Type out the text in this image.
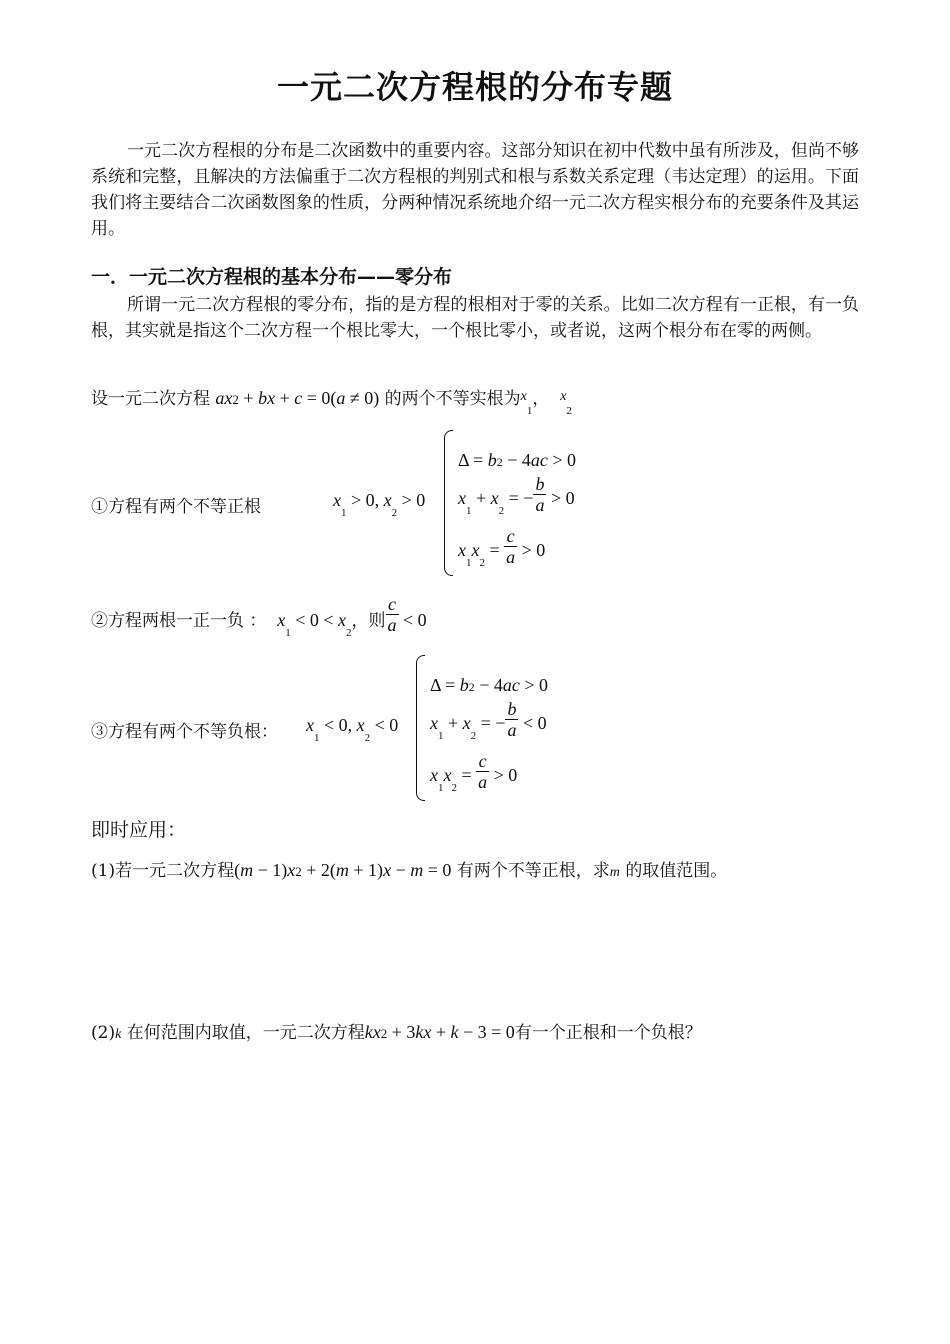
一元二次方程根的分布专题
一元二次方程根的分布是二次函数中的重要内容。这部分知识在初中代数中虽有所涉及，但尚不够系统和完整，且解决的方法偏重于二次方程根的判别式和根与系数关系定理（韦达定理）的运用。下面我们将主要结合二次函数图象的性质，分两种情况系统地介绍一元二次方程实根分布的充要条件及其运用。
一．一元二次方程根的基本分布——零分布
所谓一元二次方程根的零分布，指的是方程的根相对于零的关系。比如二次方程有一正根，有一负根，其实就是指这个二次方程一个根比零大，一个根比零小，或者说，这两个根分布在零的两侧。
设一元二次方程 ax2 + bx + c = 0(a ≠ 0) 的两个不等实根为$^x_1$，  $^x_2$
①方程有两个不等正根	$x_1 > 0$, $x_2 > 0$
Δ = b2 − 4ac > 0
$x_1 + x_2$ = − $\frac{b}{a} > 0$
$x_1x_2 = \frac{c}{a} > 0$
②方程两根一正一负 ： $x_1 < 0 < x_2$，则 $\frac{c}{a} < 0$
③方程有两个不等负根： $x_1 < 0$, $x_2 < 0$
Δ = b2 − 4ac > 0
$x_1 + x_2$ = − $\frac{b}{a} < 0$
$x_1x_2 = \frac{c}{a} > 0$
即时应用：
(1)若一元二次方程(m − 1)x2 + 2(m + 1)x − m = 0 有两个不等正根，求m 的取值范围。
(2)k 在何范围内取值，一元二次方程kx2 + 3kx + k − 3 = 0有一个正根和一个负根？
